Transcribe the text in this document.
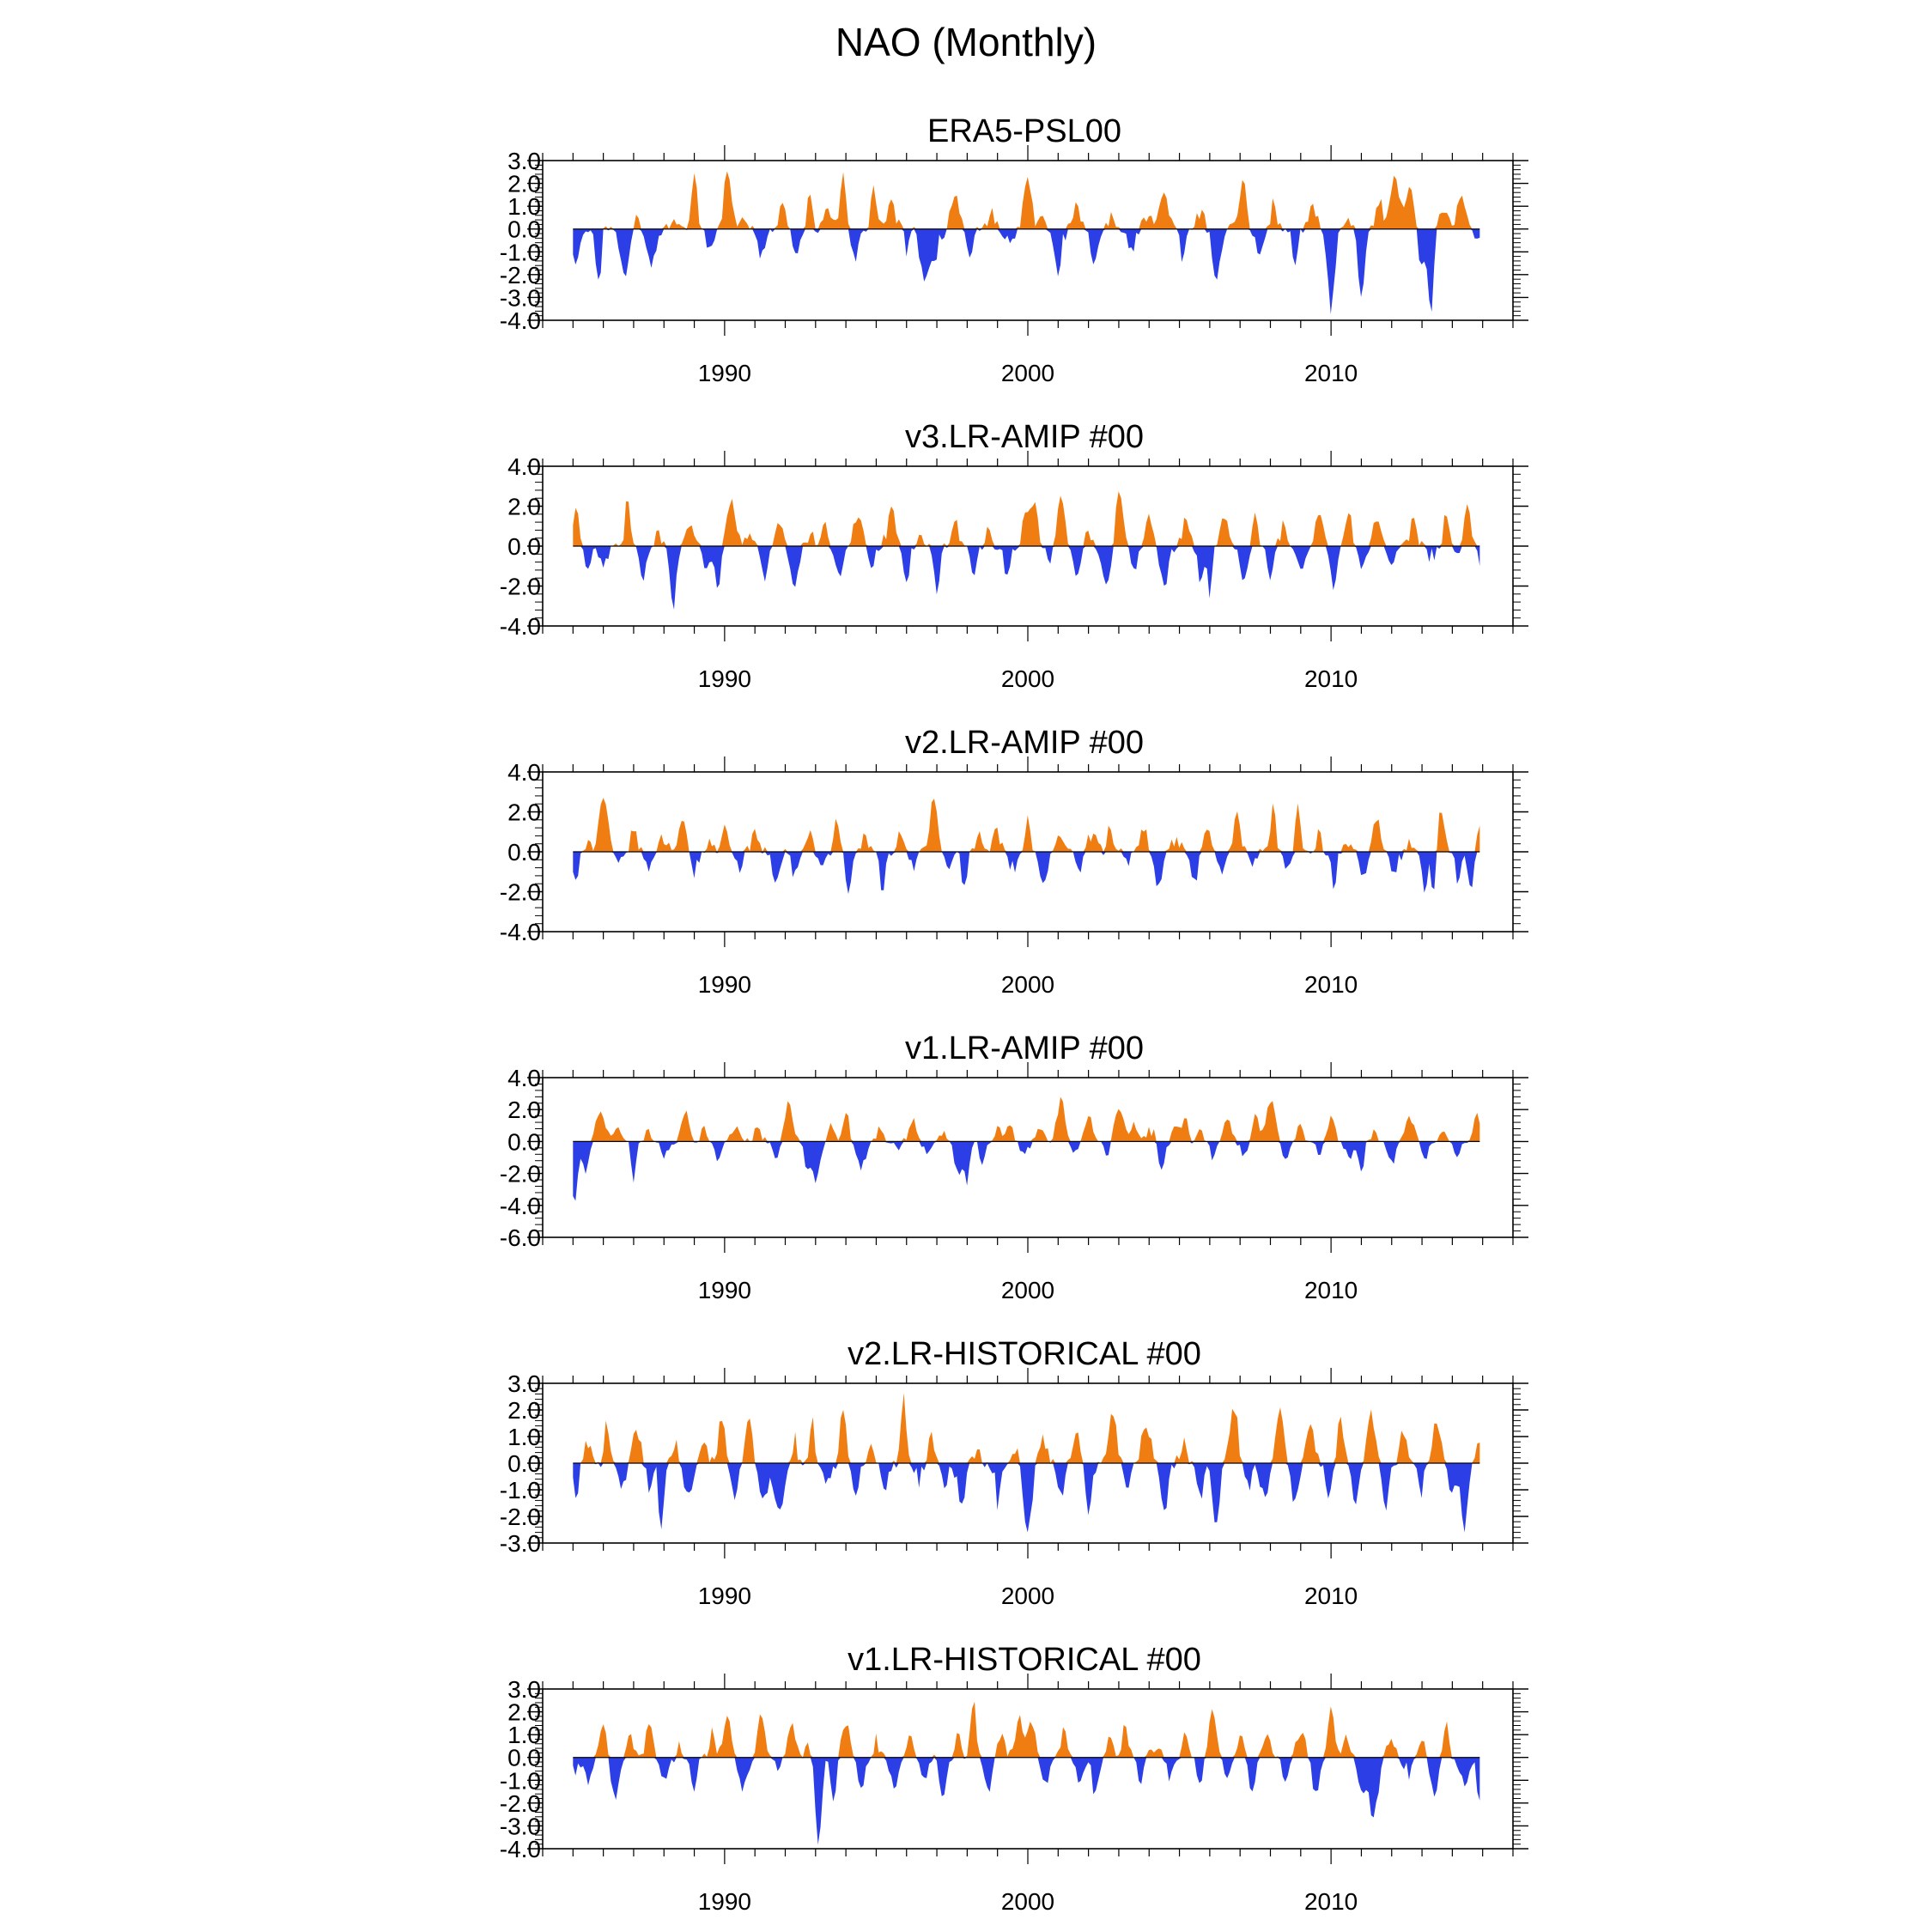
NAO (Monthly)
ERA5-PSL00
3.0
2.0
1.0
0.0
-1.0
-2.0
-3.0
-4.0
1990	2000	2010
v3.LR-AMIP #00
4.0
2.0
0.0
-2.0
-4.0
1990	2000	2010
v2.LR-AMIP #00
4.0
2.0
0.0
-2.0
-4.0
1990	2000	2010
v1.LR-AMIP #00
4.0
2.0
0.0
-2.0
-4.0
-6.0
1990	2000	2010
v2.LR-HISTORICAL #00
3.0
2.0
1.0
0.0
-1.0
-2.0
-3.0
1990	2000	2010
v1.LR-HISTORICAL #00
3.0
2.0
1.0
0.0
-1.0
-2.0
-3.0
-4.0
1990	2000	2010
